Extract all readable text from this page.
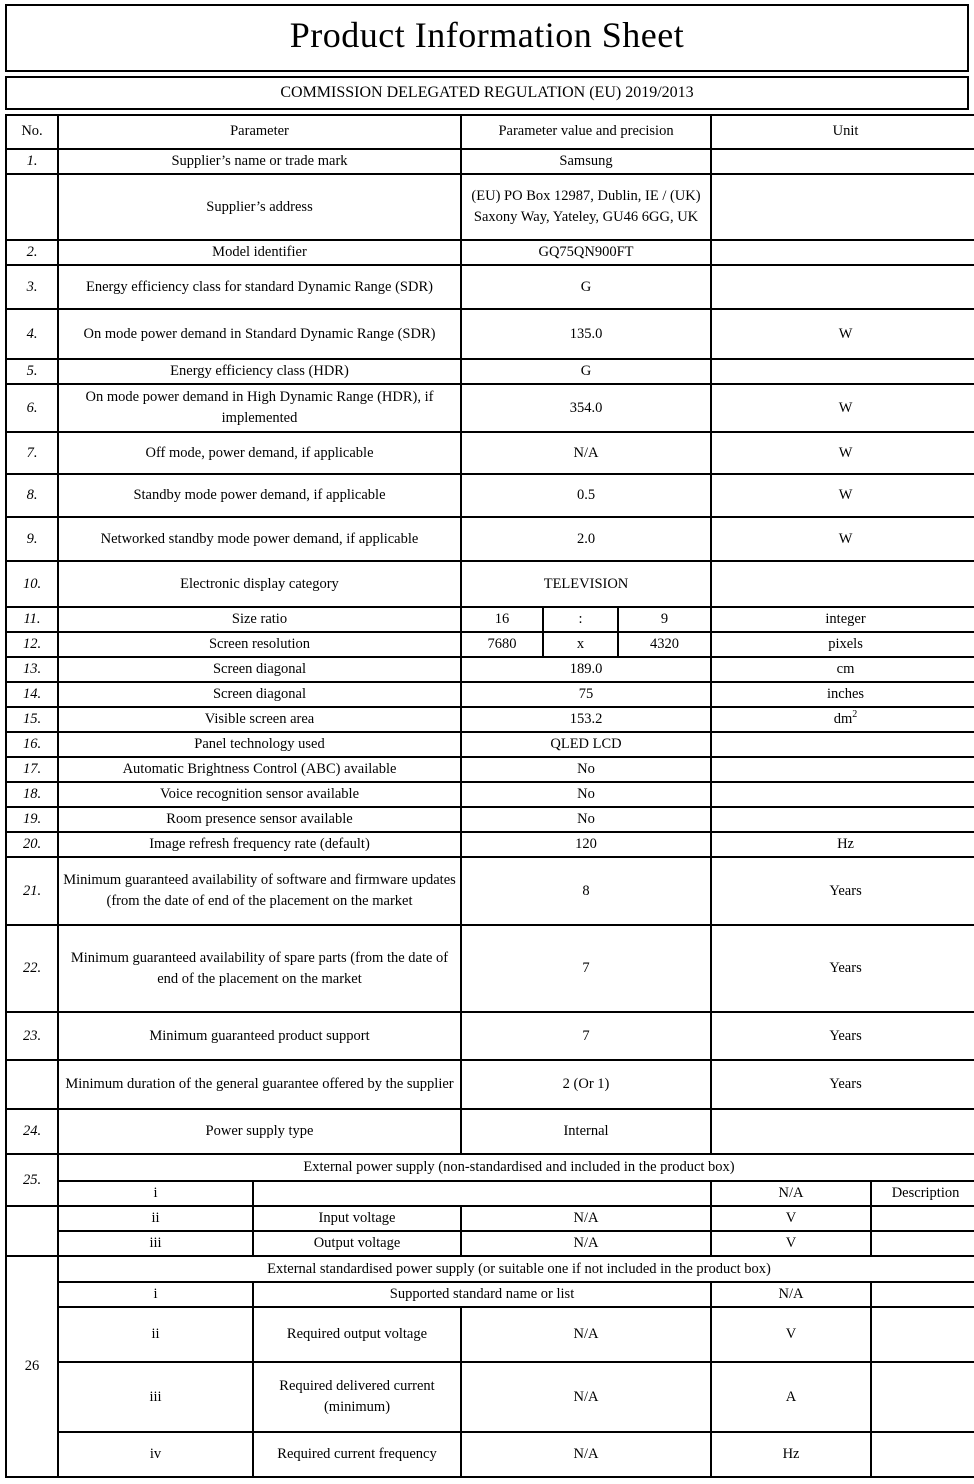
Product Information Sheet
COMMISSION DELEGATED REGULATION (EU) 2019/2013
No.	Parameter		Parameter value and precision			Unit	
1.	Supplier’s name or trade mark		Samsung				
	Supplier’s address		(EU) PO Box 12987, Dublin, IE / (UK) Saxony Way, Yateley, GU46 6GG, UK				
2.	Model identifier		GQ75QN900FT				
3.	Energy efficiency class for standard Dynamic Range (SDR)		G				
4.	On mode power demand in Standard Dynamic Range (SDR)		135.0			W	
5.	Energy efficiency class (HDR)		G				
6.	On mode power demand in High Dynamic Range (HDR), if implemented		354.0			W	
7.	Off mode, power demand, if applicable		N/A			W	
8.	Standby mode power demand, if applicable		0.5			W	
9.	Networked standby mode power demand, if applicable		2.0			W	
10.	Electronic display category		TELEVISION				
11.	Size ratio		16	:	9	integer	
12.	Screen resolution		7680	x	4320	pixels	
13.	Screen diagonal		189.0			cm	
14.	Screen diagonal		75			inches	
15.	Visible screen area		153.2			$dm^2$
16.	Panel technology used		QLED LCD				
17.	Automatic Brightness Control (ABC) available		No				
18.	Voice recognition sensor available		No				
19.	Room presence sensor available		No				
20.	Image refresh frequency rate (default)		120			Hz	
21.	Minimum guaranteed availability of software and firmware updates (from the date of end of the placement on the market		8			Years	
22.	Minimum guaranteed availability of spare parts (from the date of end of the placement on the market		7			Years	
23.	Minimum guaranteed product support		7			Years	
	Minimum duration of the general guarantee offered by the supplier		2 (Or 1)			Years	
24.	Power supply type		Internal				
25.	External power supply (non-standardised and included in the product box)						
	i					N/A	Description
	ii	Input voltage	N/A			V	
	iii	Output voltage	N/A			V	
26	External standardised power supply (or suitable one if not included in the product box)						
	i	Supported standard name or list				N/A	
	ii	Required output voltage	N/A			V	
	iii	Required delivered current (minimum)	N/A			A	
	iv	Required current frequency	N/A			Hz	
